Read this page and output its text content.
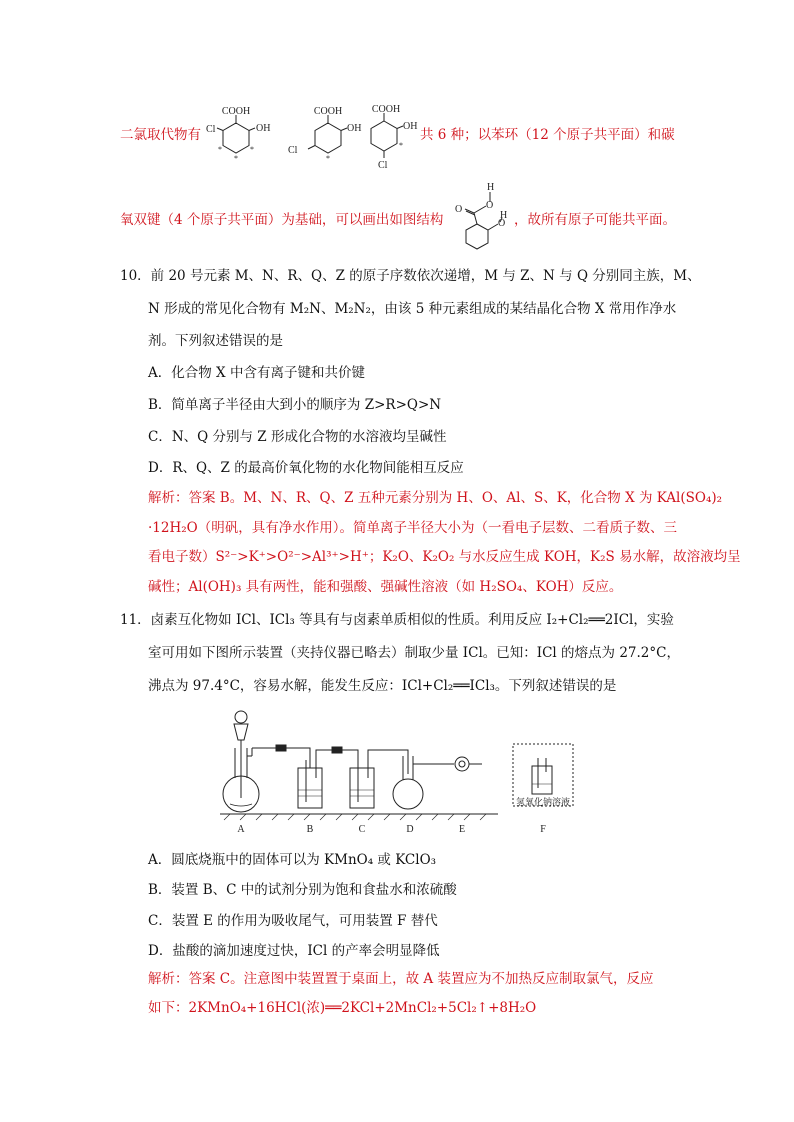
二氯取代物有
COOH
OH
Cl
*
*
*
COOH
OH
Cl
*
COOH
OH
Cl
*
共 6 种；以苯环（12 个原子共平面）和碳
氧双键（4 个原子共平面）为基础，可以画出如图结构
O O
H
O
H ，故所有原子可能共平面。
10．前 20 号元素 M、N、R、Q、Z 的原子序数依次递增，M 与 Z、N 与 Q 分别同主族，M、
N 形成的常见化合物有 M₂N、M₂N₂，由该 5 种元素组成的某结晶化合物 X 常用作净水
剂。下列叙述错误的是
A．化合物 X 中含有离子键和共价键
B．简单离子半径由大到小的顺序为 Z>R>Q>N
C．N、Q 分别与 Z 形成化合物的水溶液均呈碱性
D．R、Q、Z 的最高价氧化物的水化物间能相互反应
解析：答案 B。M、N、R、Q、Z 五种元素分别为 H、O、Al、S、K，化合物 X 为 KAl(SO₄)₂
·12H₂O（明矾，具有净水作用）。简单离子半径大小为（一看电子层数、二看质子数、三
看电子数）S²⁻>K⁺>O²⁻>Al³⁺>H⁺；K₂O、K₂O₂ 与水反应生成 KOH，K₂S 易水解，故溶液均呈
碱性；Al(OH)₃ 具有两性，能和强酸、强碱性溶液（如 H₂SO₄、KOH）反应。
11．卤素互化物如 ICl、ICl₃ 等具有与卤素单质相似的性质。利用反应 I₂+Cl₂══2ICl，实验
室可用如下图所示装置（夹持仪器已略去）制取少量 ICl。已知：ICl 的熔点为 27.2°C，
沸点为 97.4°C，容易水解，能发生反应：ICl+Cl₂══ICl₃。下列叙述错误的是
氢氧化钠溶液
A	B	C	D	E	F
A．圆底烧瓶中的固体可以为 KMnO₄ 或 KClO₃
B．装置 B、C 中的试剂分别为饱和食盐水和浓硫酸
C．装置 E 的作用为吸收尾气，可用装置 F 替代
D．盐酸的滴加速度过快，ICl 的产率会明显降低
解析：答案 C。注意图中装置置于桌面上，故 A 装置应为不加热反应制取氯气，反应
如下：2KMnO₄+16HCl(浓)══2KCl+2MnCl₂+5Cl₂↑+8H₂O
